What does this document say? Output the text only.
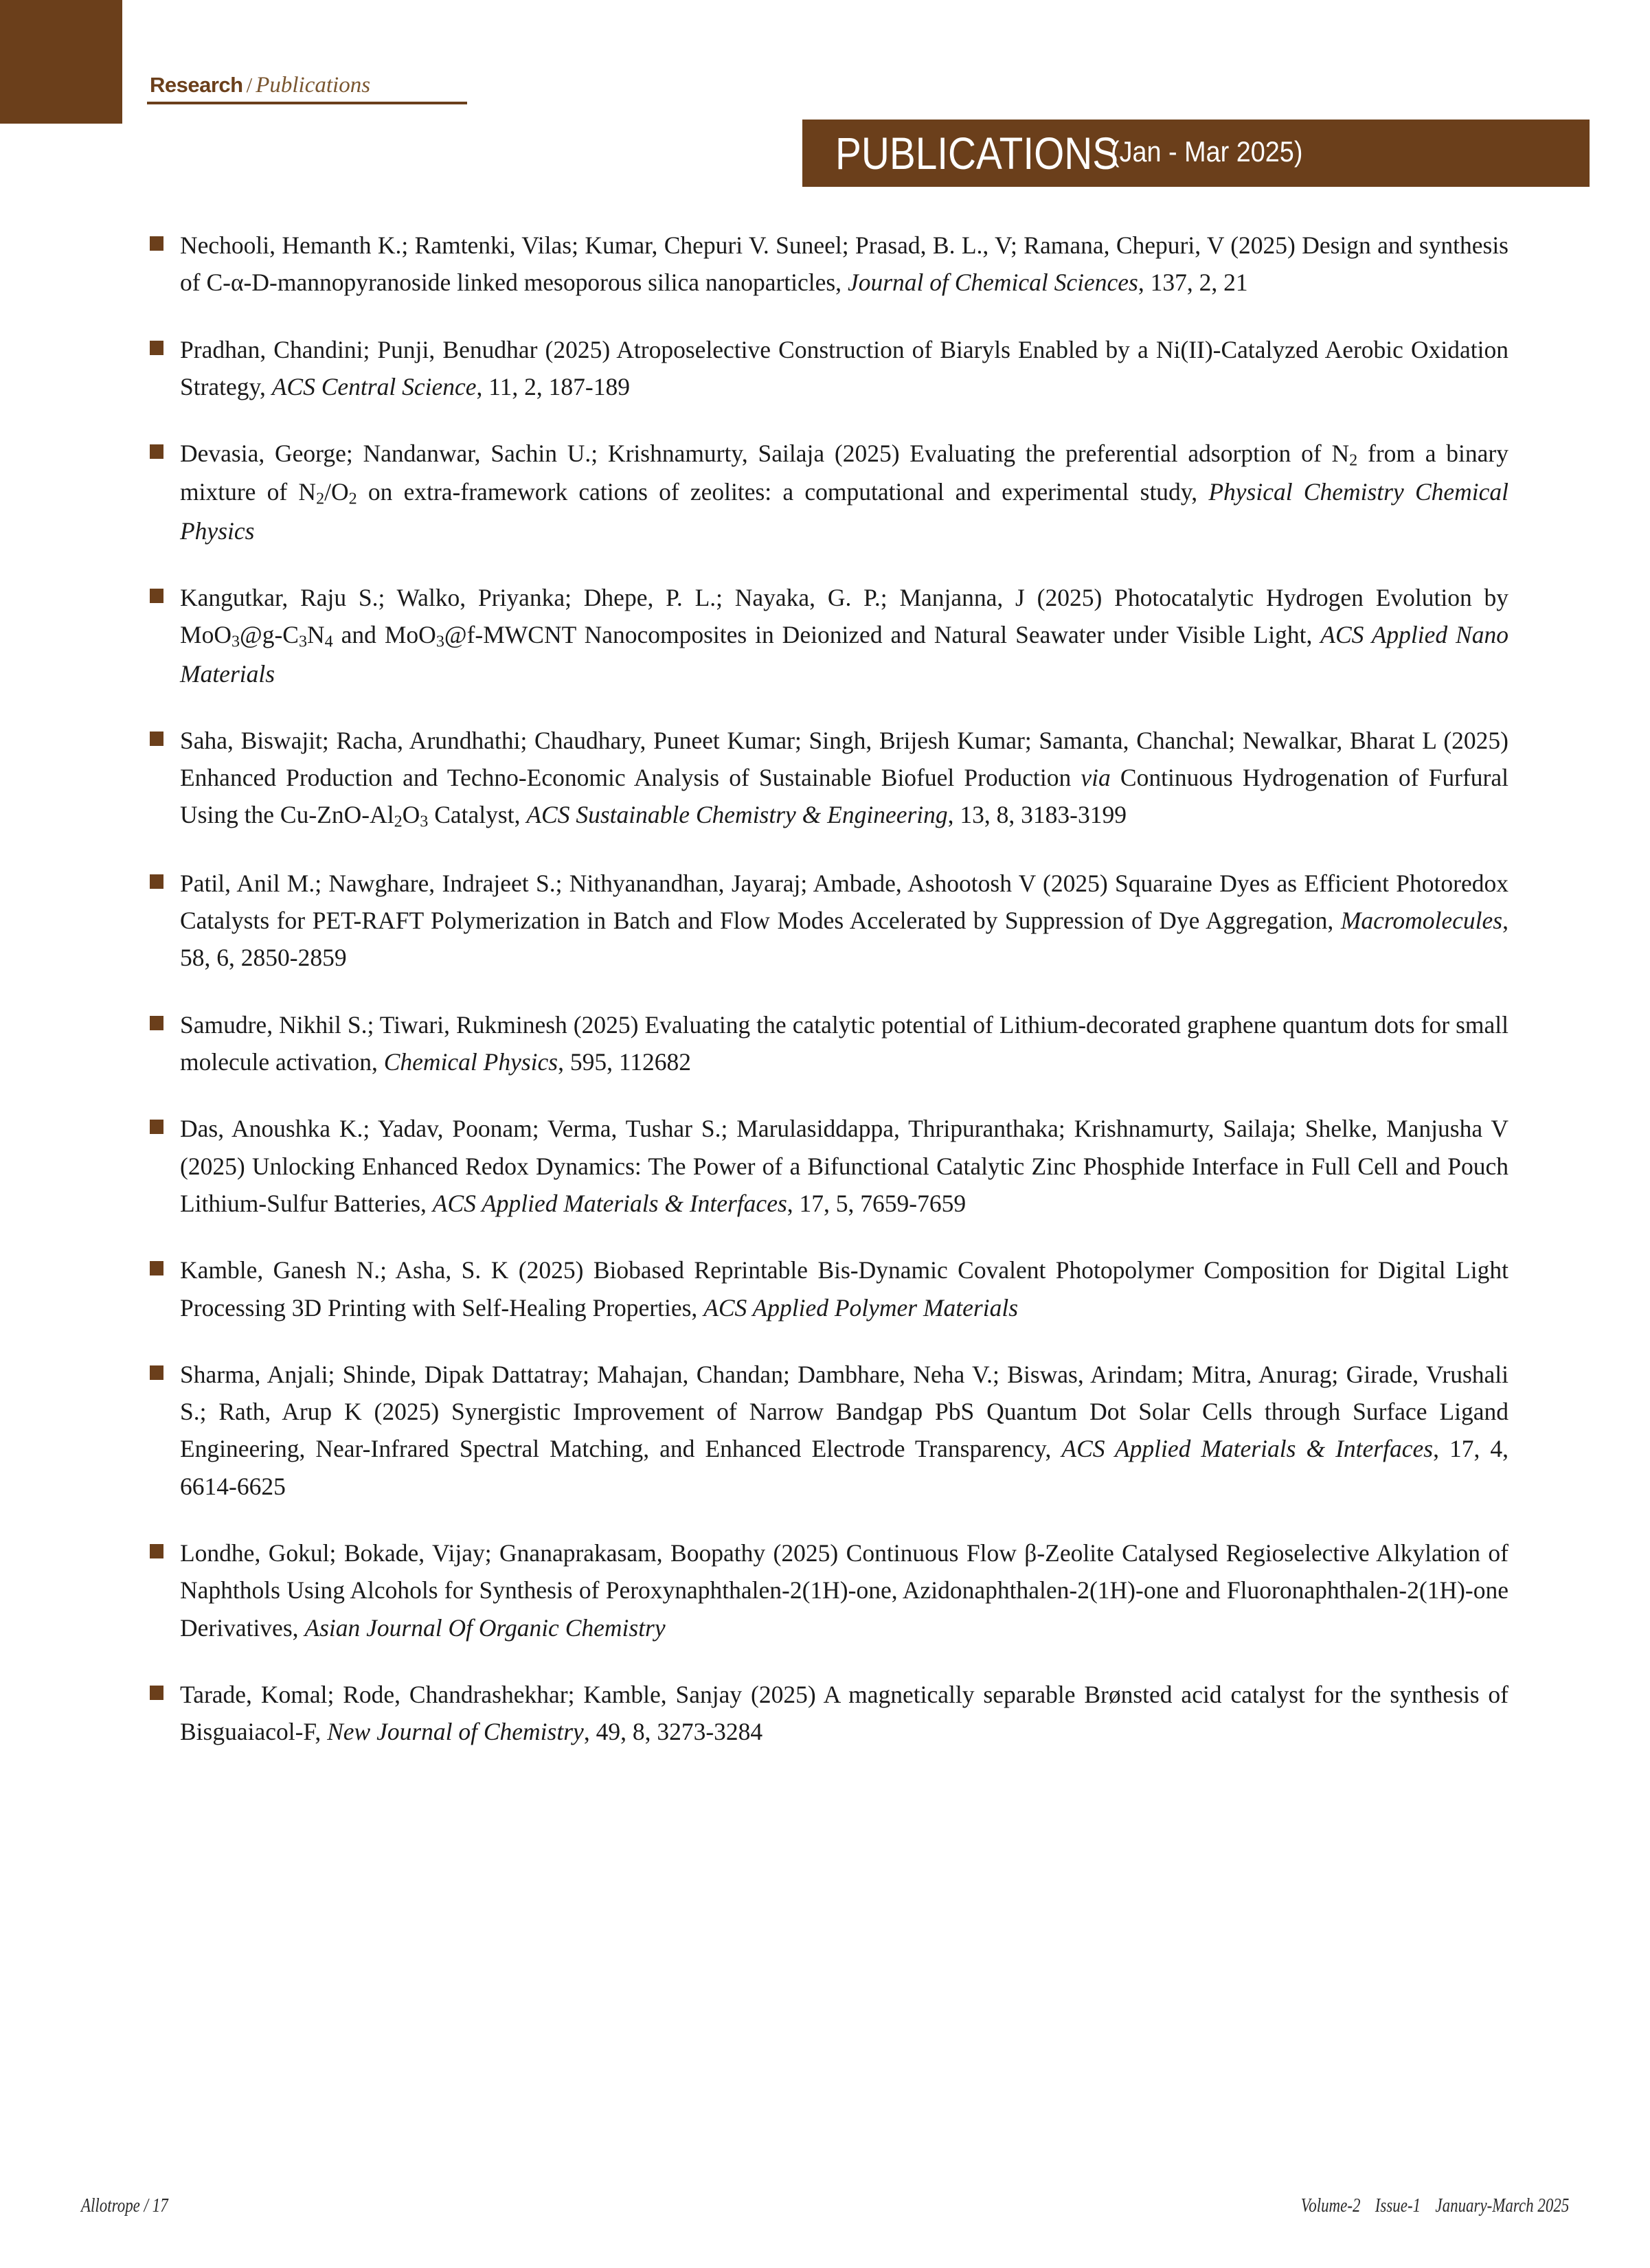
Research / Publications
PUBLICATIONS
(Jan - Mar 2025)
Nechooli, Hemanth K.; Ramtenki, Vilas; Kumar, Chepuri V. Suneel; Prasad, B. L., V; Ramana, Chepuri, V (2025) Design and synthesis of C-α-D-mannopyranoside linked mesoporous silica nanoparticles, Journal of Chemical Sciences, 137, 2, 21
Pradhan, Chandini; Punji, Benudhar (2025) Atroposelective Construction of Biaryls Enabled by a Ni(II)-Catalyzed Aerobic Oxidation Strategy, ACS Central Science, 11, 2, 187-189
Devasia, George; Nandanwar, Sachin U.; Krishnamurty, Sailaja (2025) Evaluating the preferential adsorption of $N_2$ from a binary mixture of $N_2/O_2$ on extra-framework cations of zeolites: a computational and experimental study, Physical Chemistry Chemical Physics
Kangutkar, Raju S.; Walko, Priyanka; Dhepe, P. L.; Nayaka, G. P.; Manjanna, J (2025) Photocatalytic Hydrogen Evolution by $MoO_3@g-C_3N_4$ and MoO$_3$@f-MWCNT Nanocomposites in Deionized and Natural Seawater under Visible Light, ACS Applied Nano Materials
Saha, Biswajit; Racha, Arundhathi; Chaudhary, Puneet Kumar; Singh, Brijesh Kumar; Samanta, Chanchal; Newalkar, Bharat L (2025) Enhanced Production and Techno-Economic Analysis of Sustainable Biofuel Production via Continuous Hydrogenation of Furfural Using the $Cu-ZnO-Al_2O_3$ Catalyst, ACS Sustainable Chemistry & Engineering, 13, 8, 3183-3199
Patil, Anil M.; Nawghare, Indrajeet S.; Nithyanandhan, Jayaraj; Ambade, Ashootosh V (2025) Squaraine Dyes as Efficient Photoredox Catalysts for PET-RAFT Polymerization in Batch and Flow Modes Accelerated by Suppression of Dye Aggregation, Macromolecules, 58, 6, 2850-2859
Samudre, Nikhil S.; Tiwari, Rukminesh (2025) Evaluating the catalytic potential of Lithium-decorated graphene quantum dots for small molecule activation, Chemical Physics, 595, 112682
Das, Anoushka K.; Yadav, Poonam; Verma, Tushar S.; Marulasiddappa, Thripuranthaka; Krishnamurty, Sailaja; Shelke, Manjusha V (2025) Unlocking Enhanced Redox Dynamics: The Power of a Bifunctional Catalytic Zinc Phosphide Interface in Full Cell and Pouch Lithium-Sulfur Batteries, ACS Applied Materials & Interfaces, 17, 5, 7659-7659
Kamble, Ganesh N.; Asha, S. K (2025) Biobased Reprintable Bis-Dynamic Covalent Photopolymer Composition for Digital Light Processing 3D Printing with Self-Healing Properties, ACS Applied Polymer Materials
Sharma, Anjali; Shinde, Dipak Dattatray; Mahajan, Chandan; Dambhare, Neha V.; Biswas, Arindam; Mitra, Anurag; Girade, Vrushali S.; Rath, Arup K (2025) Synergistic Improvement of Narrow Bandgap PbS Quantum Dot Solar Cells through Surface Ligand Engineering, Near-Infrared Spectral Matching, and Enhanced Electrode Transparency, ACS Applied Materials & Interfaces, 17, 4, 6614-6625
Londhe, Gokul; Bokade, Vijay; Gnanaprakasam, Boopathy (2025) Continuous Flow β-Zeolite Catalysed Regioselective Alkylation of Naphthols Using Alcohols for Synthesis of Peroxynaphthalen-2(1H)-one, Azidonaphthalen-2(1H)-one and Fluoronaphthalen-2(1H)-one Derivatives, Asian Journal Of Organic Chemistry
Tarade, Komal; Rode, Chandrashekhar; Kamble, Sanjay (2025) A magnetically separable Brønsted acid catalyst for the synthesis of Bisguaiacol-F, New Journal of Chemistry, 49, 8, 3273-3284
Allotrope / 17	Volume-2 Issue-1 January-March 2025
